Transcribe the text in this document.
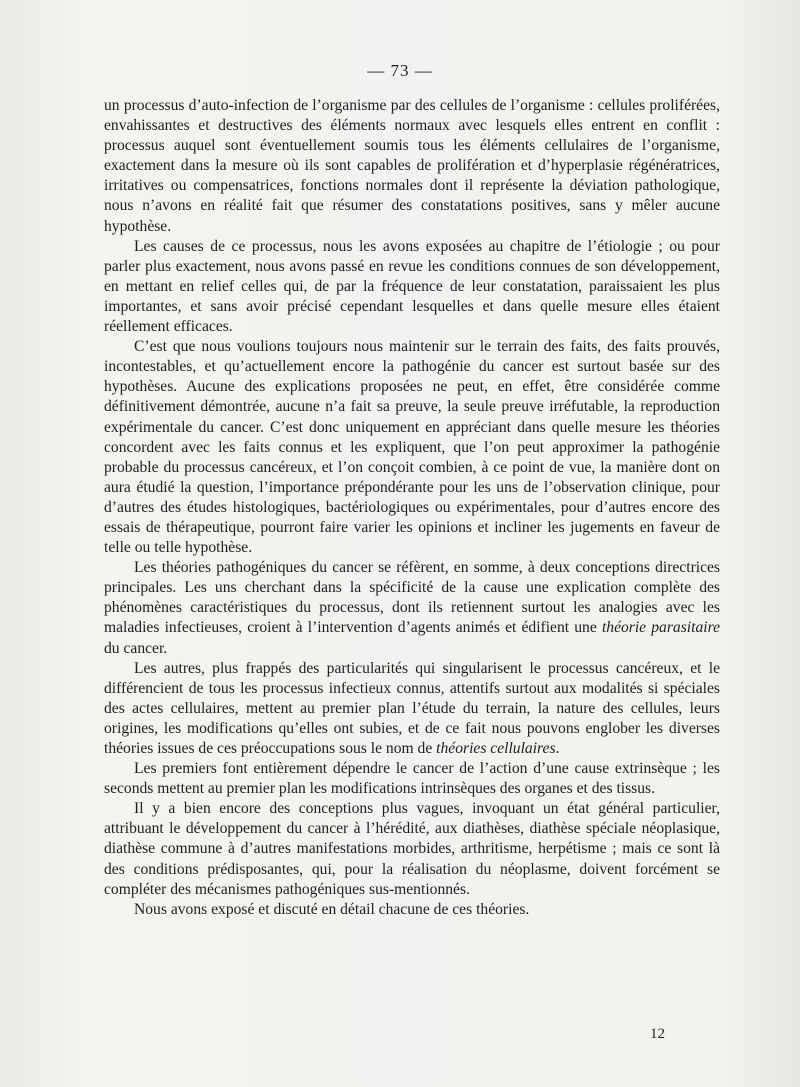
— 73 —

un processus d’auto-infection de l’organisme par des cellules de l’organisme : cellules proliférées, envahissantes et destructives des éléments normaux avec lesquels elles entrent en conflit : processus auquel sont éventuellement soumis tous les éléments cellulaires de l’organisme, exactement dans la mesure où ils sont capables de prolifération et d’hyperplasie régénératrices, irritatives ou compensatrices, fonctions normales dont il représente la déviation pathologique, nous n’avons en réalité fait que résumer des constatations positives, sans y mêler aucune hypothèse.

Les causes de ce processus, nous les avons exposées au chapitre de l’étiologie ; ou pour parler plus exactement, nous avons passé en revue les conditions connues de son développement, en mettant en relief celles qui, de par la fréquence de leur constatation, paraissaient les plus importantes, et sans avoir précisé cependant lesquelles et dans quelle mesure elles étaient réellement efficaces.

C’est que nous voulions toujours nous maintenir sur le terrain des faits, des faits prouvés, incontestables, et qu’actuellement encore la pathogénie du cancer est surtout basée sur des hypothèses. Aucune des explications proposées ne peut, en effet, être considérée comme définitivement démontrée, aucune n’a fait sa preuve, la seule preuve irréfutable, la reproduction expérimentale du cancer. C’est donc uniquement en appréciant dans quelle mesure les théories concordent avec les faits connus et les expliquent, que l’on peut approximer la pathogénie probable du processus cancéreux, et l’on conçoit combien, à ce point de vue, la manière dont on aura étudié la question, l’importance prépondérante pour les uns de l’observation clinique, pour d’autres des études histologiques, bactériologiques ou expérimentales, pour d’autres encore des essais de thérapeutique, pourront faire varier les opinions et incliner les jugements en faveur de telle ou telle hypothèse.

Les théories pathogéniques du cancer se réfèrent, en somme, à deux conceptions directrices principales. Les uns cherchant dans la spécificité de la cause une explication complète des phénomènes caractéristiques du processus, dont ils retiennent surtout les analogies avec les maladies infectieuses, croient à l’intervention d’agents animés et édifient une théorie parasitaire du cancer.

Les autres, plus frappés des particularités qui singularisent le processus cancéreux, et le différencient de tous les processus infectieux connus, attentifs surtout aux modalités si spéciales des actes cellulaires, mettent au premier plan l’étude du terrain, la nature des cellules, leurs origines, les modifications qu’elles ont subies, et de ce fait nous pouvons englober les diverses théories issues de ces préoccupations sous le nom de théories cellulaires.

Les premiers font entièrement dépendre le cancer de l’action d’une cause extrinsèque ; les seconds mettent au premier plan les modifications intrinsèques des organes et des tissus.

Il y a bien encore des conceptions plus vagues, invoquant un état général particulier, attribuant le développement du cancer à l’hérédité, aux diathèses, diathèse spéciale néoplasique, diathèse commune à d’autres manifestations morbides, arthritisme, herpétisme ; mais ce sont là des conditions prédisposantes, qui, pour la réalisation du néoplasme, doivent forcément se compléter des mécanismes pathogéniques sus-mentionnés.

Nous avons exposé et discuté en détail chacune de ces théories.

12
